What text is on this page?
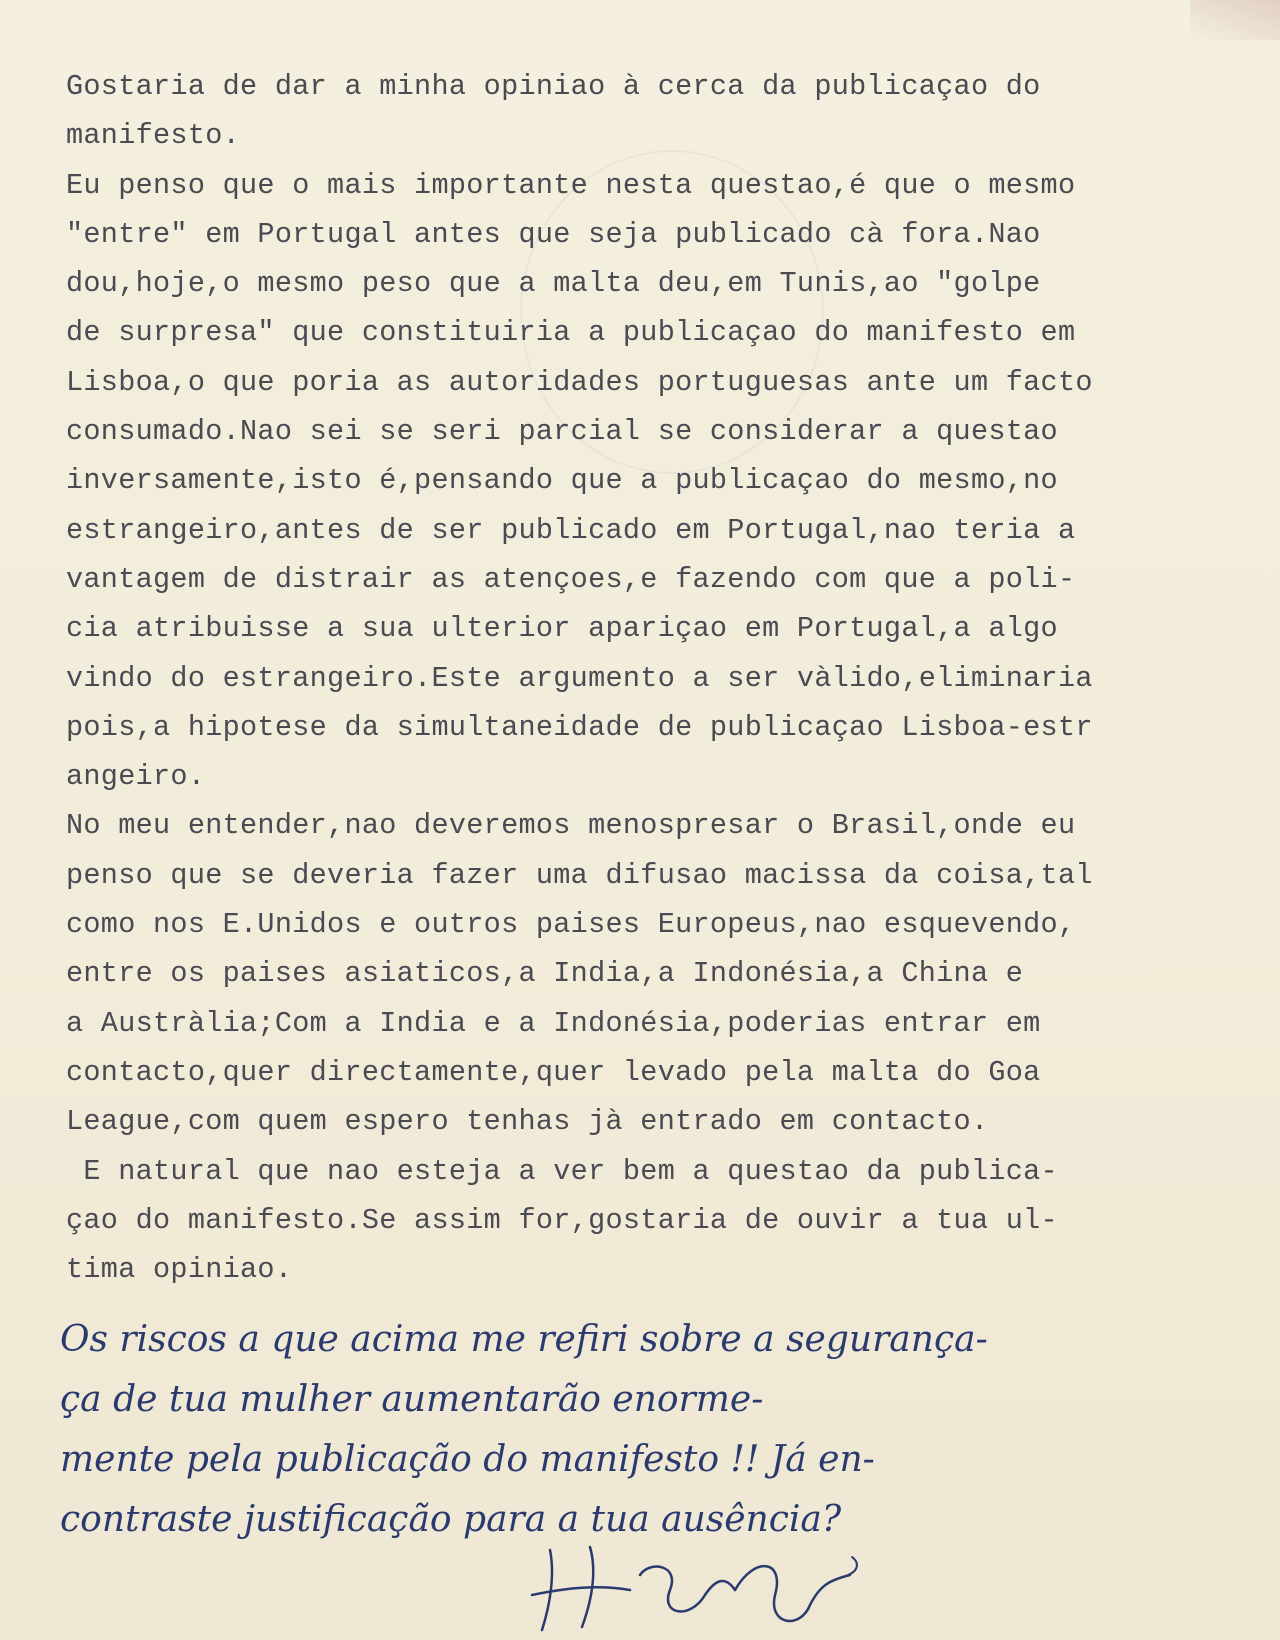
Gostaria de dar a minha opiniao à cerca da publicaçao do
manifesto.
Eu penso que o mais importante nesta questao,é que o mesmo
"entre" em Portugal antes que seja publicado cà fora.Nao
dou,hoje,o mesmo peso que a malta deu,em Tunis,ao "golpe
de surpresa" que constituiria a publicaçao do manifesto em
Lisboa,o que poria as autoridades portuguesas ante um facto
consumado.Nao sei se seri parcial se considerar a questao
inversamente,isto é,pensando que a publicaçao do mesmo,no
estrangeiro,antes de ser publicado em Portugal,nao teria a
vantagem de distrair as atençoes,e fazendo com que a poli-
cia atribuisse a sua ulterior apariçao em Portugal,a algo
vindo do estrangeiro.Este argumento a ser vàlido,eliminaria
pois,a hipotese da simultaneidade de publicaçao Lisboa-estr
angeiro.
No meu entender,nao deveremos menospresar o Brasil,onde eu
penso que se deveria fazer uma difusao macissa da coisa,tal
como nos E.Unidos e outros paises Europeus,nao esquevendo,
entre os paises asiaticos,a India,a Indonésia,a China e
a Austràlia;Com a India e a Indonésia,poderias entrar em
contacto,quer directamente,quer levado pela malta do Goa
League,com quem espero tenhas jà entrado em contacto.
E natural que nao esteja a ver bem a questao da publica-
çao do manifesto.Se assim for,gostaria de ouvir a tua ul-
tima opiniao.
Os riscos a que acima me refiri sobre a segurança-
ça de tua mulher aumentarão enorme-
mente pela publicação do manifesto !! Já en-
contraste justificação para a tua ausência?
